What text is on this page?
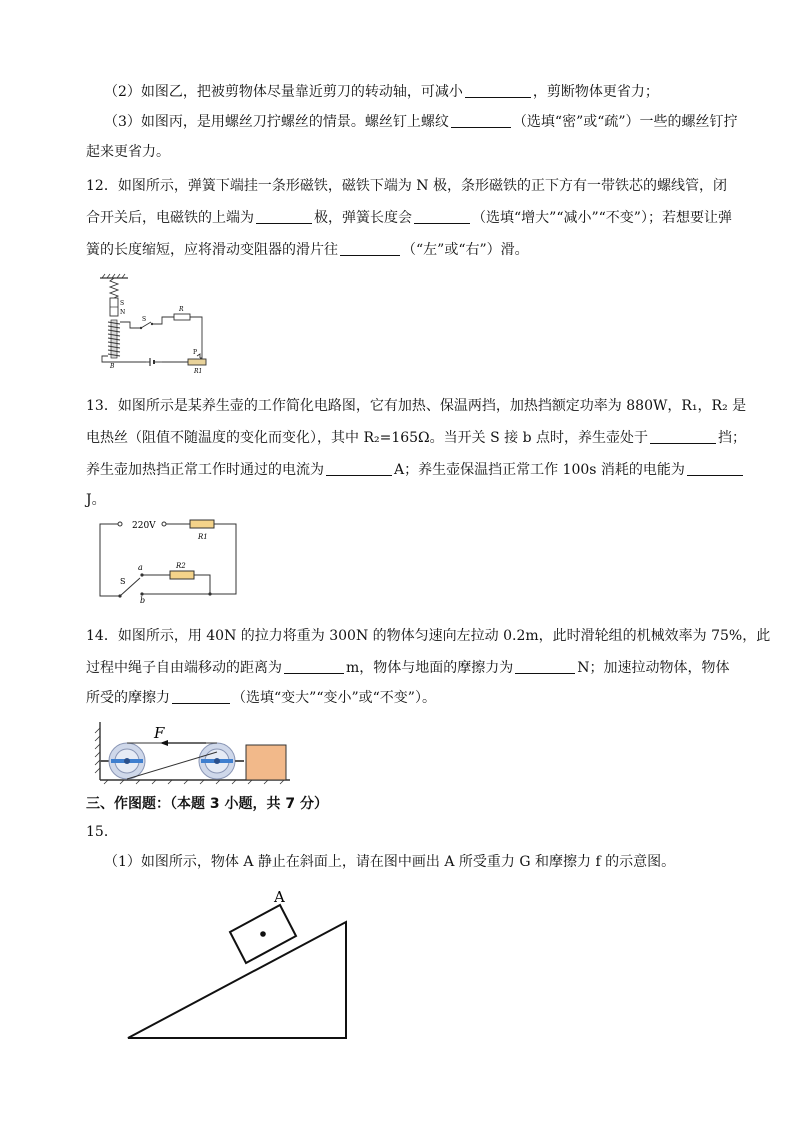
（2）如图乙，把被剪物体尽量靠近剪刀的转动轴，可减小	，剪断物体更省力；
（3）如图丙，是用螺丝刀拧螺丝的情景。螺丝钉上螺纹	（选填“密”或“疏”）一些的螺丝钉拧
起来更省力。
12．如图所示，弹簧下端挂一条形磁铁，磁铁下端为 N 极，条形磁铁的正下方有一带铁芯的螺线管，闭
合开关后，电磁铁的上端为	极，弹簧长度会	（选填“增大”“减小”“不变”）；若想要让弹
簧的长度缩短，应将滑动变阻器的滑片往	（“左”或“右”）滑。
S
N
B
S
R
P
R1
13．如图所示是某养生壶的工作简化电路图，它有加热、保温两挡，加热挡额定功率为 880W，R₁，R₂ 是
电热丝（阻值不随温度的变化而变化），其中 R₂=165Ω。当开关 S 接 b 点时，养生壶处于	挡；
养生壶加热挡正常工作时通过的电流为	A；养生壶保温挡正常工作 100s 消耗的电能为
J。
220V
R1
R2
a
b
S
14．如图所示，用 40N 的拉力将重为 300N 的物体匀速向左拉动 0.2m，此时滑轮组的机械效率为 75%，此
过程中绳子自由端移动的距离为	m，物体与地面的摩擦力为	N；加速拉动物体，物体
所受的摩擦力	（选填“变大”“变小”或“不变”）。
F
三、作图题：（本题 3 小题，共 7 分）
15．
（1）如图所示，物体 A 静止在斜面上，请在图中画出 A 所受重力 G 和摩擦力 f 的示意图。
A
